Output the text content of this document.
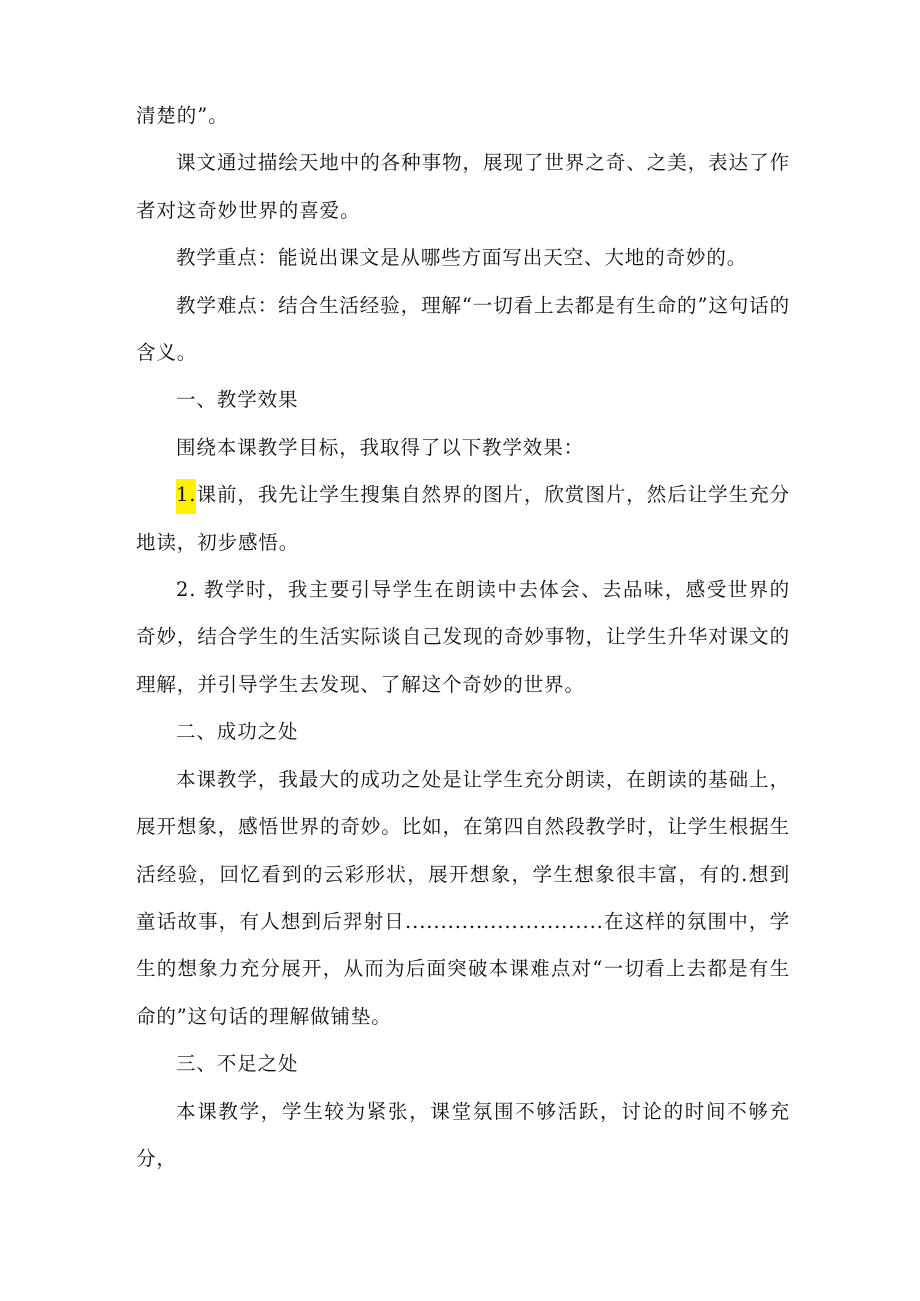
清楚的”。

课文通过描绘天地中的各种事物，展现了世界之奇、之美，表达了作者对这奇妙世界的喜爱。

教学重点：能说出课文是从哪些方面写出天空、大地的奇妙的。

教学难点：结合生活经验，理解“一切看上去都是有生命的”这句话的含义。

一、教学效果

围绕本课教学目标，我取得了以下教学效果：

1.课前，我先让学生搜集自然界的图片，欣赏图片，然后让学生充分地读，初步感悟。

2. 教学时，我主要引导学生在朗读中去体会、去品味，感受世界的奇妙，结合学生的生活实际谈自己发现的奇妙事物，让学生升华对课文的理解，并引导学生去发现、了解这个奇妙的世界。

二、成功之处

本课教学，我最大的成功之处是让学生充分朗读，在朗读的基础上，展开想象，感悟世界的奇妙。比如，在第四自然段教学时，让学生根据生活经验，回忆看到的云彩形状，展开想象，学生想象很丰富，有的.想到童话故事，有人想到后羿射日............................在这样的氛围中，学生的想象力充分展开，从而为后面突破本课难点对“一切看上去都是有生命的”这句话的理解做铺垫。

三、不足之处

本课教学，学生较为紧张，课堂氛围不够活跃，讨论的时间不够充分，
